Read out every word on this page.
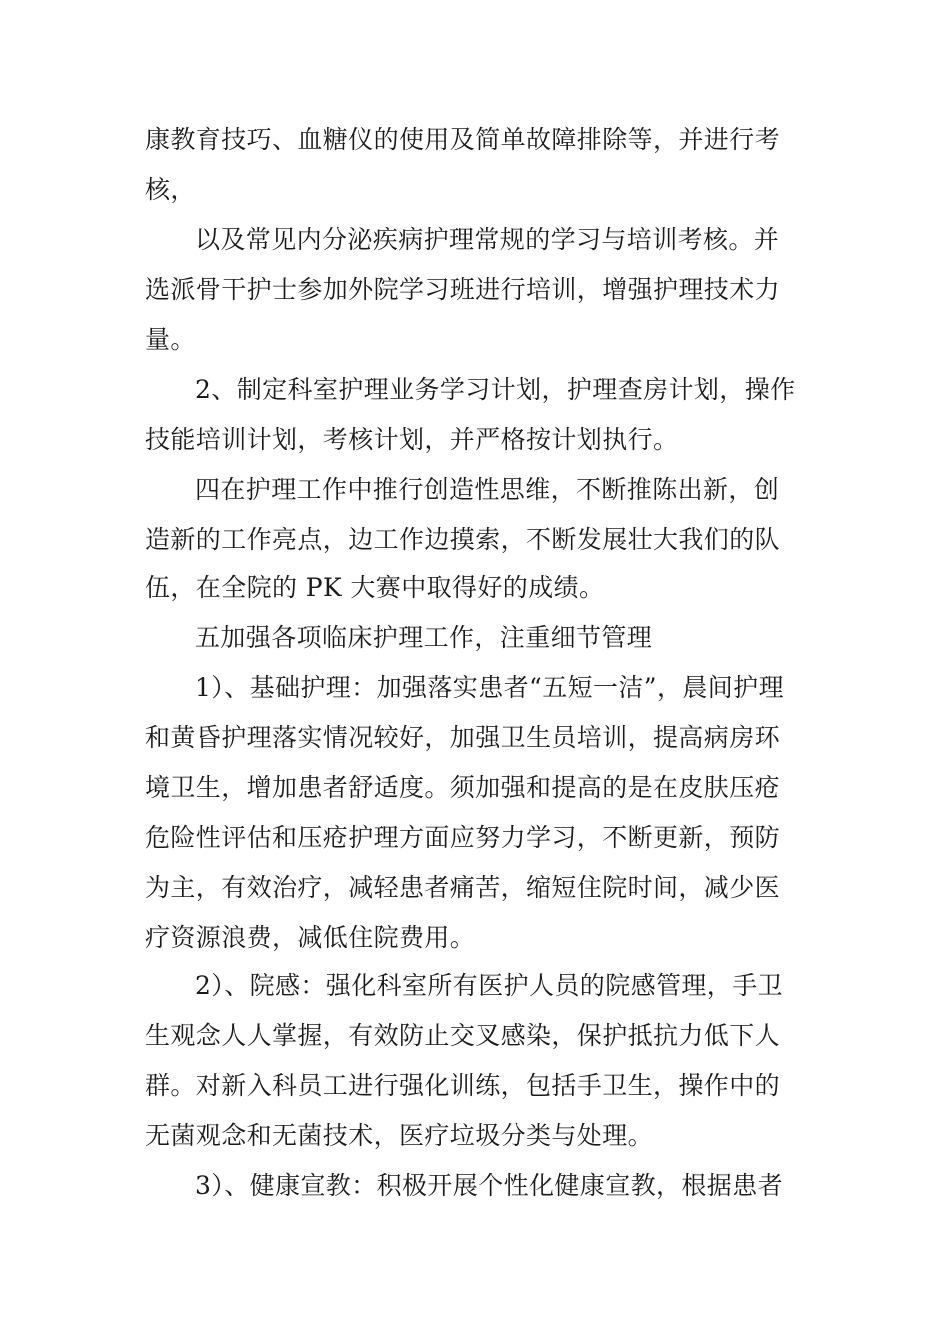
康教育技巧、血糖仪的使用及简单故障排除等，并进行考
核，
以及常见内分泌疾病护理常规的学习与培训考核。并
选派骨干护士参加外院学习班进行培训，增强护理技术力
量。
2、制定科室护理业务学习计划，护理查房计划，操作
技能培训计划，考核计划，并严格按计划执行。
四在护理工作中推行创造性思维，不断推陈出新，创
造新的工作亮点，边工作边摸索，不断发展壮大我们的队
伍，在全院的 PK 大赛中取得好的成绩。
五加强各项临床护理工作，注重细节管理
1）、基础护理：加强落实患者“五短一洁”，晨间护理
和黄昏护理落实情况较好，加强卫生员培训，提高病房环
境卫生，增加患者舒适度。须加强和提高的是在皮肤压疮
危险性评估和压疮护理方面应努力学习，不断更新，预防
为主，有效治疗，减轻患者痛苦，缩短住院时间，减少医
疗资源浪费，减低住院费用。
2）、院感：强化科室所有医护人员的院感管理，手卫
生观念人人掌握，有效防止交叉感染，保护抵抗力低下人
群。对新入科员工进行强化训练，包括手卫生，操作中的
无菌观念和无菌技术，医疗垃圾分类与处理。
3）、健康宣教：积极开展个性化健康宣教，根据患者
